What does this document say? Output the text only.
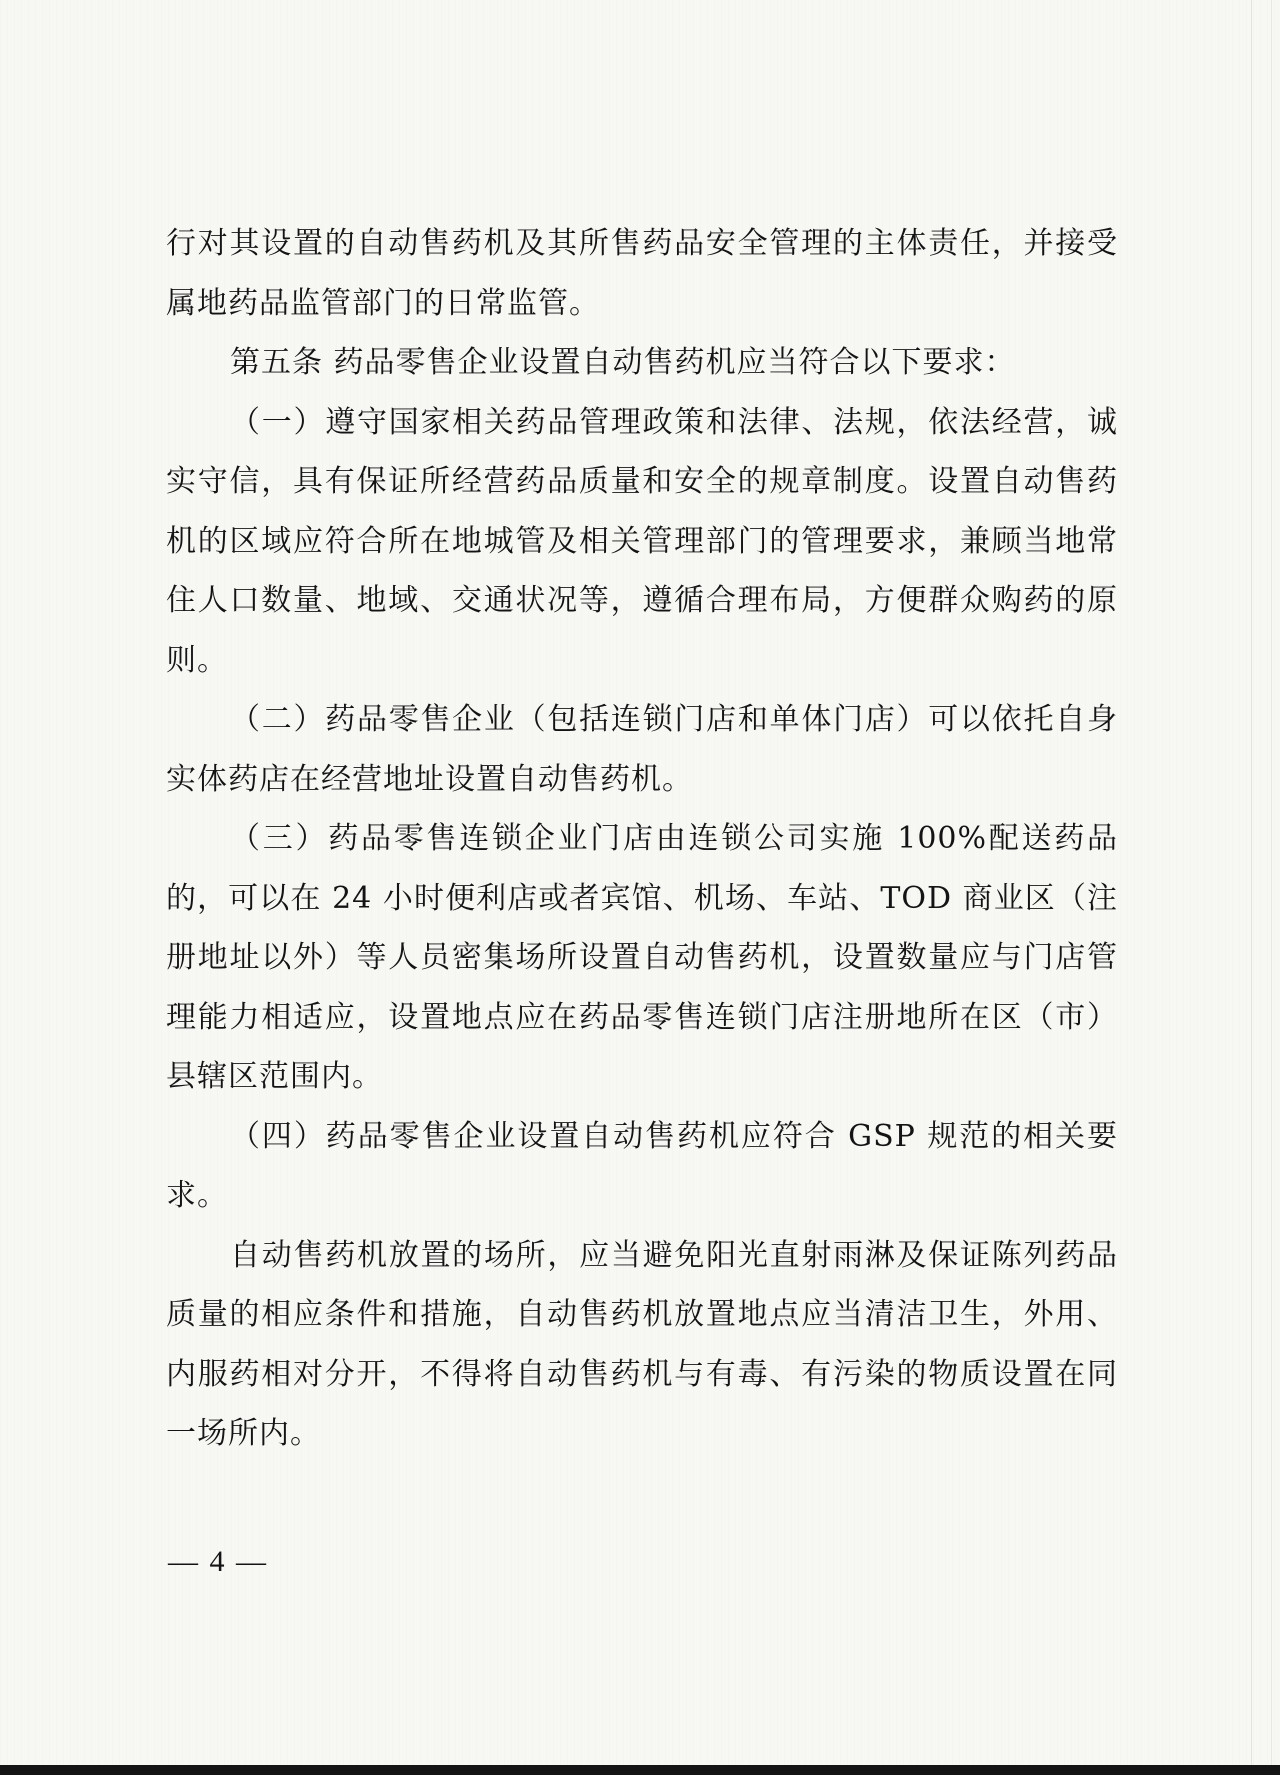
行对其设置的自动售药机及其所售药品安全管理的主体责任，并接受属地药品监管部门的日常监管。

第五条 药品零售企业设置自动售药机应当符合以下要求：

（一）遵守国家相关药品管理政策和法律、法规，依法经营，诚实守信，具有保证所经营药品质量和安全的规章制度。设置自动售药机的区域应符合所在地城管及相关管理部门的管理要求，兼顾当地常住人口数量、地域、交通状况等，遵循合理布局，方便群众购药的原则。

（二）药品零售企业（包括连锁门店和单体门店）可以依托自身实体药店在经营地址设置自动售药机。

（三）药品零售连锁企业门店由连锁公司实施 100%配送药品的，可以在 24 小时便利店或者宾馆、机场、车站、TOD 商业区（注册地址以外）等人员密集场所设置自动售药机，设置数量应与门店管理能力相适应，设置地点应在药品零售连锁门店注册地所在区（市）县辖区范围内。

（四）药品零售企业设置自动售药机应符合 GSP 规范的相关要求。

自动售药机放置的场所，应当避免阳光直射雨淋及保证陈列药品质量的相应条件和措施，自动售药机放置地点应当清洁卫生，外用、内服药相对分开，不得将自动售药机与有毒、有污染的物质设置在同一场所内。

— 4 —
